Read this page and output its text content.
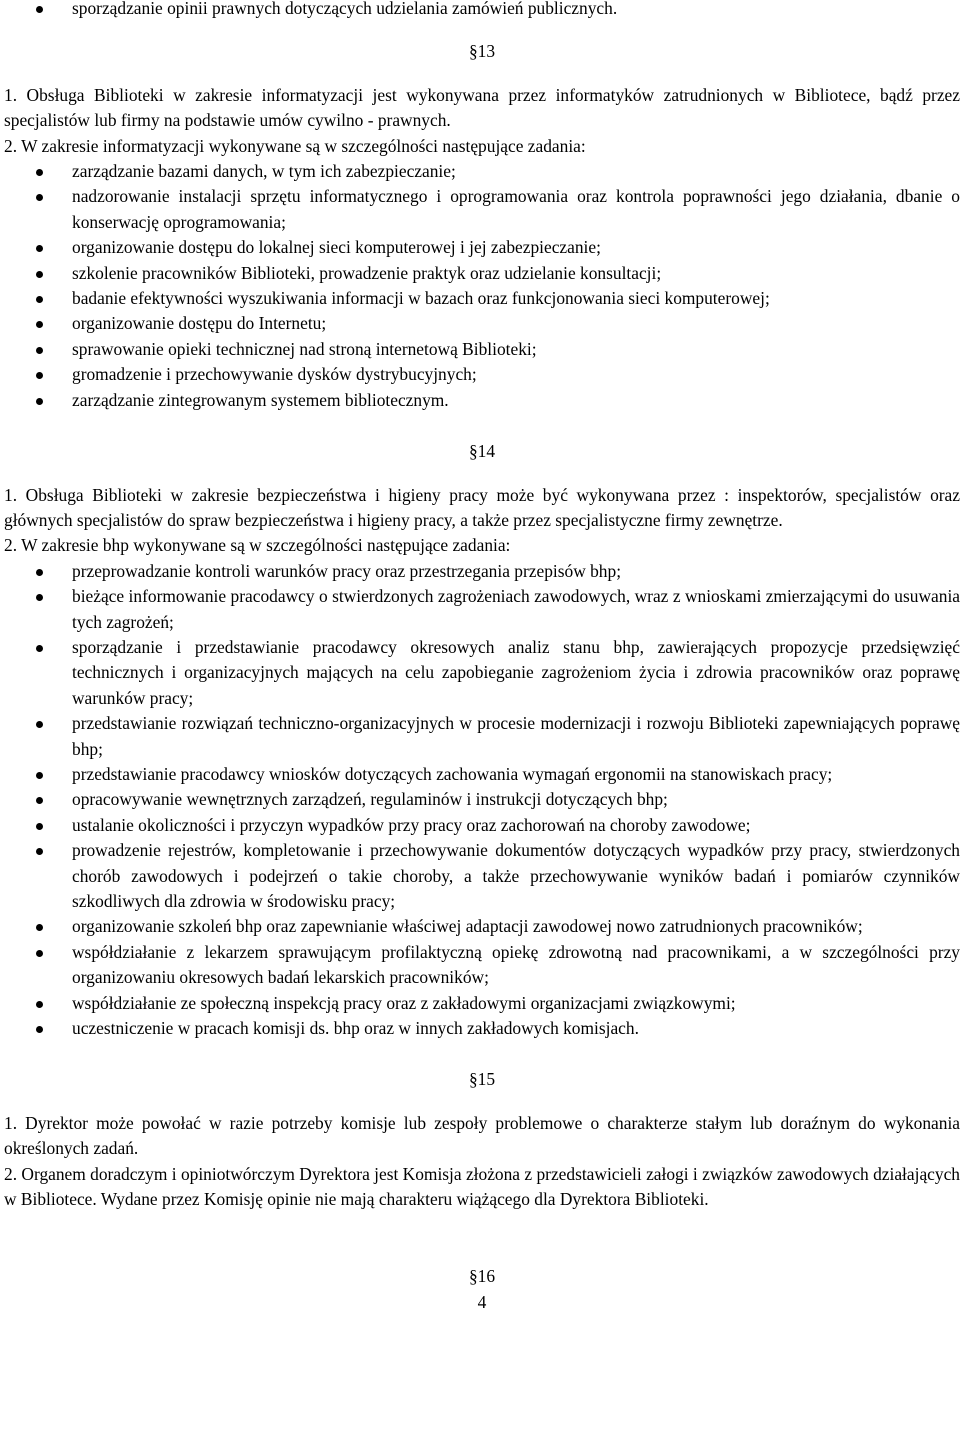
sporządzanie opinii prawnych dotyczących udzielania zamówień publicznych.

§13

1. Obsługa Biblioteki w zakresie informatyzacji jest wykonywana przez informatyków zatrudnionych w Bibliotece, bądź przez specjalistów lub firmy na podstawie umów cywilno - prawnych.

2. W zakresie informatyzacji wykonywane są w szczególności następujące zadania:

zarządzanie bazami danych, w tym ich zabezpieczanie;
nadzorowanie instalacji sprzętu informatycznego i oprogramowania oraz kontrola poprawności jego działania, dbanie o konserwację oprogramowania;
organizowanie dostępu do lokalnej sieci komputerowej i jej zabezpieczanie;
szkolenie pracowników Biblioteki, prowadzenie praktyk oraz udzielanie konsultacji;
badanie efektywności wyszukiwania informacji w bazach oraz funkcjonowania sieci komputerowej;
organizowanie dostępu do Internetu;
sprawowanie opieki technicznej nad stroną internetową Biblioteki;
gromadzenie i przechowywanie dysków dystrybucyjnych;
zarządzanie zintegrowanym systemem bibliotecznym.

§14

1. Obsługa Biblioteki w zakresie bezpieczeństwa i higieny pracy może być wykonywana przez : inspektorów, specjalistów oraz głównych specjalistów do spraw bezpieczeństwa i higieny pracy, a także przez specjalistyczne firmy zewnętrze.

2. W zakresie bhp wykonywane są w szczególności następujące zadania:

przeprowadzanie kontroli warunków pracy oraz przestrzegania przepisów bhp;
bieżące informowanie pracodawcy o stwierdzonych zagrożeniach zawodowych, wraz z wnioskami zmierzającymi do usuwania tych zagrożeń;
sporządzanie i przedstawianie pracodawcy okresowych analiz stanu bhp, zawierających propozycje przedsięwzięć technicznych i organizacyjnych mających na celu zapobieganie zagrożeniom życia i zdrowia pracowników oraz poprawę warunków pracy;
przedstawianie rozwiązań techniczno-organizacyjnych w procesie modernizacji i rozwoju Biblioteki zapewniających poprawę bhp;
przedstawianie pracodawcy wniosków dotyczących zachowania wymagań ergonomii na stanowiskach pracy;
opracowywanie wewnętrznych zarządzeń, regulaminów i instrukcji dotyczących bhp;
ustalanie okoliczności i przyczyn wypadków przy pracy oraz zachorowań na choroby zawodowe;
prowadzenie rejestrów, kompletowanie i przechowywanie dokumentów dotyczących wypadków przy pracy, stwierdzonych chorób zawodowych i podejrzeń o takie choroby, a także przechowywanie wyników badań i pomiarów czynników szkodliwych dla zdrowia w środowisku pracy;
organizowanie szkoleń bhp oraz zapewnianie właściwej adaptacji zawodowej nowo zatrudnionych pracowników;
współdziałanie z lekarzem sprawującym profilaktyczną opiekę zdrowotną nad pracownikami, a w szczególności przy organizowaniu okresowych badań lekarskich pracowników;
współdziałanie ze społeczną inspekcją pracy oraz z zakładowymi organizacjami związkowymi;
uczestniczenie w pracach komisji ds. bhp oraz w innych zakładowych komisjach.

§15

1. Dyrektor może powołać w razie potrzeby komisje lub zespoły problemowe o charakterze stałym lub doraźnym do wykonania określonych zadań.

2. Organem doradczym i opiniotwórczym Dyrektora jest Komisja złożona z przedstawicieli załogi i związków zawodowych działających w Bibliotece. Wydane przez Komisję opinie nie mają charakteru wiążącego dla Dyrektora Biblioteki.

§16

4
